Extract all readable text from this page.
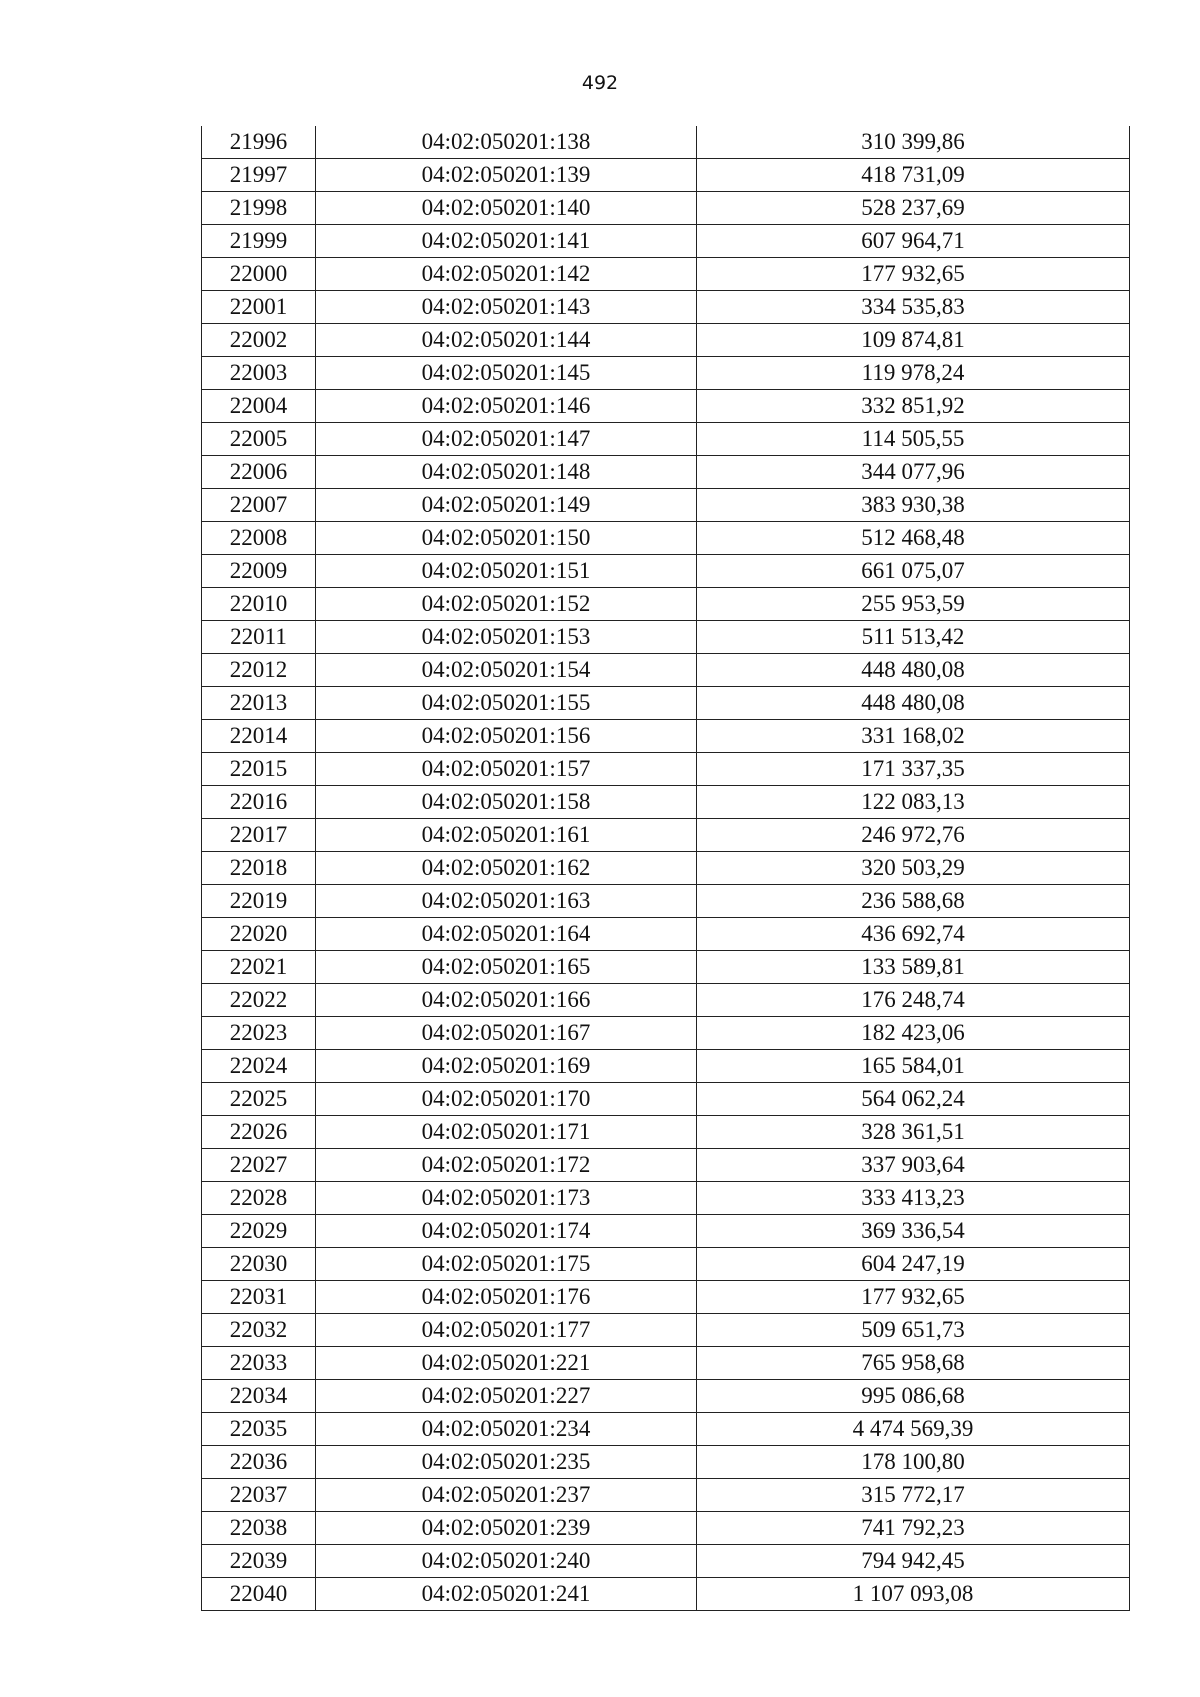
492
21996	04:02:050201:138	310 399,86
21997	04:02:050201:139	418 731,09
21998	04:02:050201:140	528 237,69
21999	04:02:050201:141	607 964,71
22000	04:02:050201:142	177 932,65
22001	04:02:050201:143	334 535,83
22002	04:02:050201:144	109 874,81
22003	04:02:050201:145	119 978,24
22004	04:02:050201:146	332 851,92
22005	04:02:050201:147	114 505,55
22006	04:02:050201:148	344 077,96
22007	04:02:050201:149	383 930,38
22008	04:02:050201:150	512 468,48
22009	04:02:050201:151	661 075,07
22010	04:02:050201:152	255 953,59
22011	04:02:050201:153	511 513,42
22012	04:02:050201:154	448 480,08
22013	04:02:050201:155	448 480,08
22014	04:02:050201:156	331 168,02
22015	04:02:050201:157	171 337,35
22016	04:02:050201:158	122 083,13
22017	04:02:050201:161	246 972,76
22018	04:02:050201:162	320 503,29
22019	04:02:050201:163	236 588,68
22020	04:02:050201:164	436 692,74
22021	04:02:050201:165	133 589,81
22022	04:02:050201:166	176 248,74
22023	04:02:050201:167	182 423,06
22024	04:02:050201:169	165 584,01
22025	04:02:050201:170	564 062,24
22026	04:02:050201:171	328 361,51
22027	04:02:050201:172	337 903,64
22028	04:02:050201:173	333 413,23
22029	04:02:050201:174	369 336,54
22030	04:02:050201:175	604 247,19
22031	04:02:050201:176	177 932,65
22032	04:02:050201:177	509 651,73
22033	04:02:050201:221	765 958,68
22034	04:02:050201:227	995 086,68
22035	04:02:050201:234	4 474 569,39
22036	04:02:050201:235	178 100,80
22037	04:02:050201:237	315 772,17
22038	04:02:050201:239	741 792,23
22039	04:02:050201:240	794 942,45
22040	04:02:050201:241	1 107 093,08
